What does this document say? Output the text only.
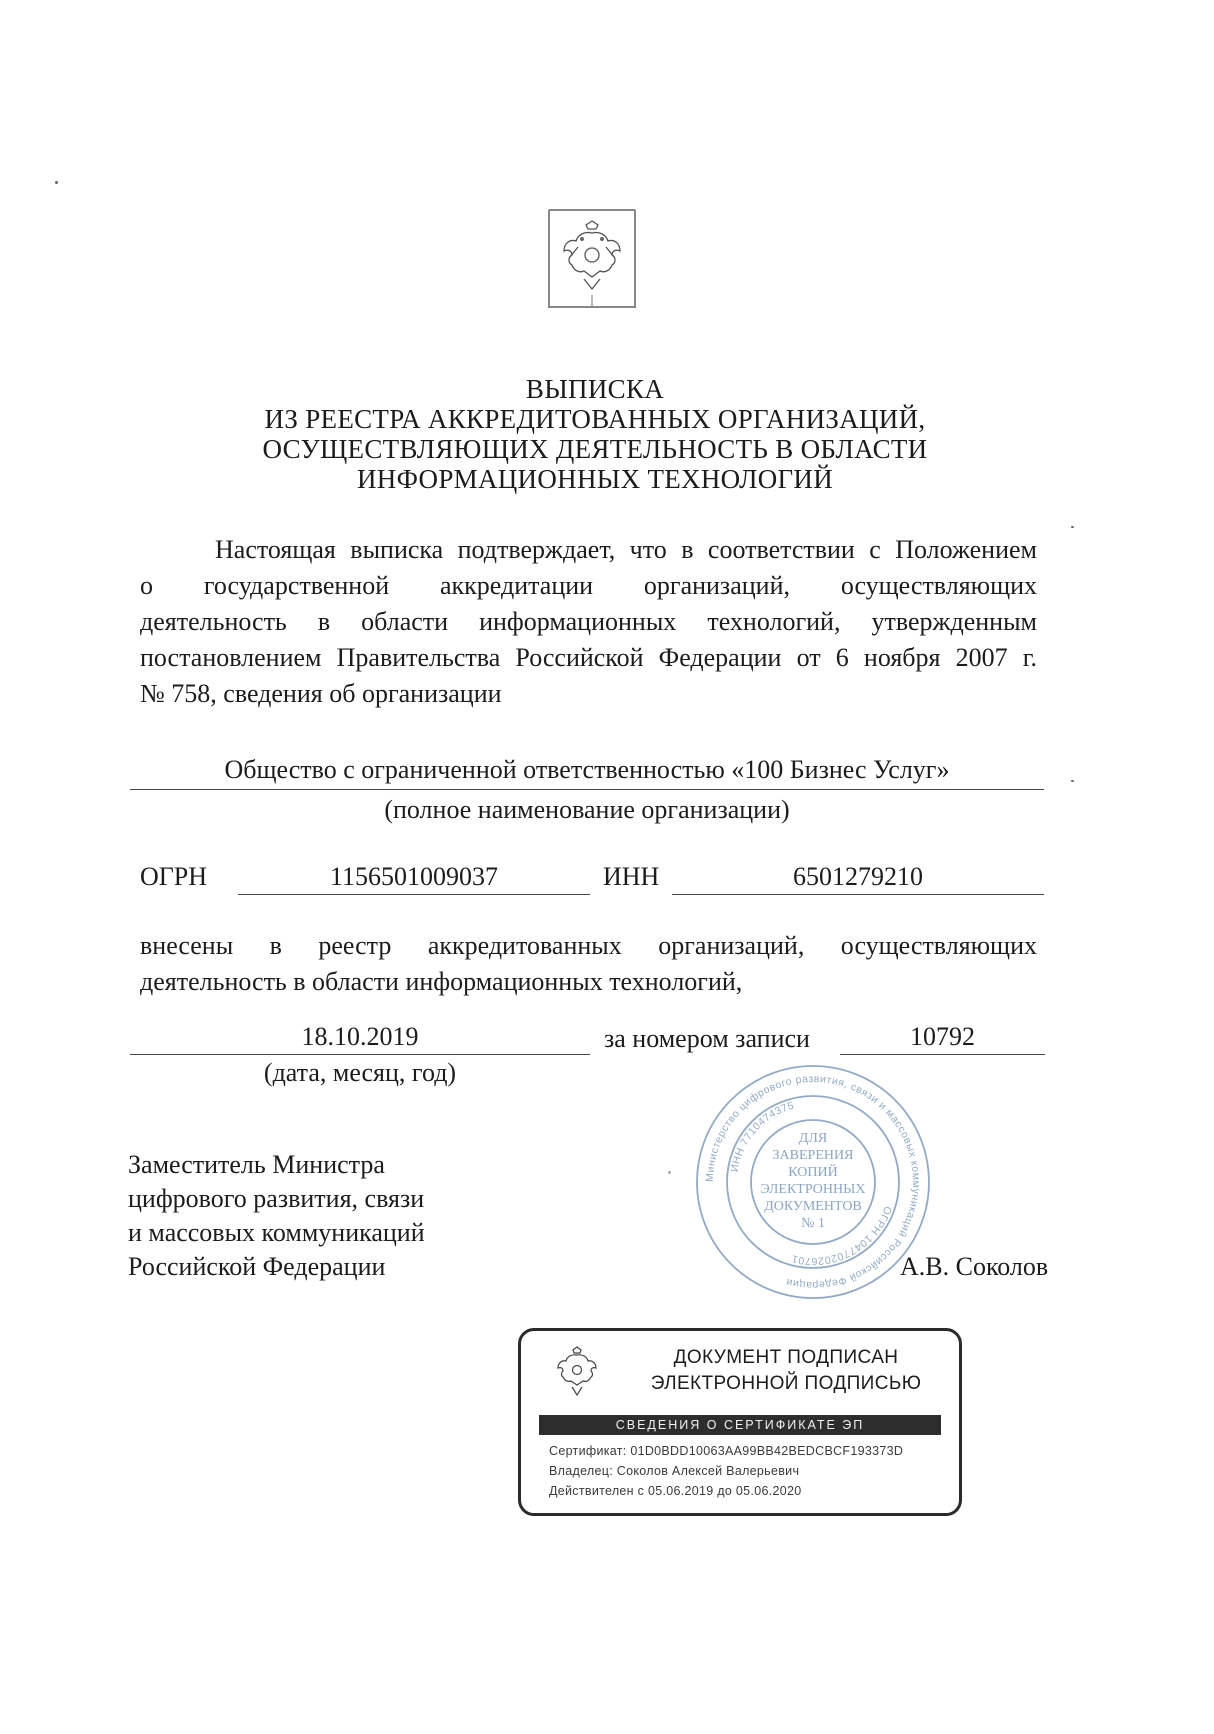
ВЫПИСКА
ИЗ РЕЕСТРА АККРЕДИТОВАННЫХ ОРГАНИЗАЦИЙ,
ОСУЩЕСТВЛЯЮЩИХ ДЕЯТЕЛЬНОСТЬ В ОБЛАСТИ
ИНФОРМАЦИОННЫХ ТЕХНОЛОГИЙ

Настоящая выписка подтверждает, что в соответствии с Положением

о государственной аккредитации организаций, осуществляющих

деятельность в области информационных технологий, утвержденным

постановлением Правительства Российской Федерации от 6 ноября 2007 г.

№ 758, сведения об организации

Общество с ограниченной ответственностью «100 Бизнес Услуг»
(полное наименование организации)
ОГРН	1156501009037	ИНН	6501279210

внесены в реестр аккредитованных организаций, осуществляющих

деятельность в области информационных технологий,

18.10.2019	за номером записи	10792
(дата, месяц, год)
Заместитель Министра
цифрового развития, связи
и массовых коммуникаций
Российской Федерации	А.В. Соколов
Министерство цифрового развития, связи и массовых коммуникаций Российской Федерации
ИНН 7710474375
ОГРН 1047702026701
ДЛЯ
ЗАВЕРЕНИЯ
КОПИЙ
ЭЛЕКТРОННЫХ
ДОКУМЕНТОВ
№ 1
ДОКУМЕНТ ПОДПИСАН
ЭЛЕКТРОННОЙ ПОДПИСЬЮ
СВЕДЕНИЯ О СЕРТИФИКАТЕ ЭП
Сертификат: 01D0BDD10063AA99BB42BEDCBCF193373D
Владелец: Соколов Алексей Валерьевич
Действителен с 05.06.2019 до 05.06.2020
